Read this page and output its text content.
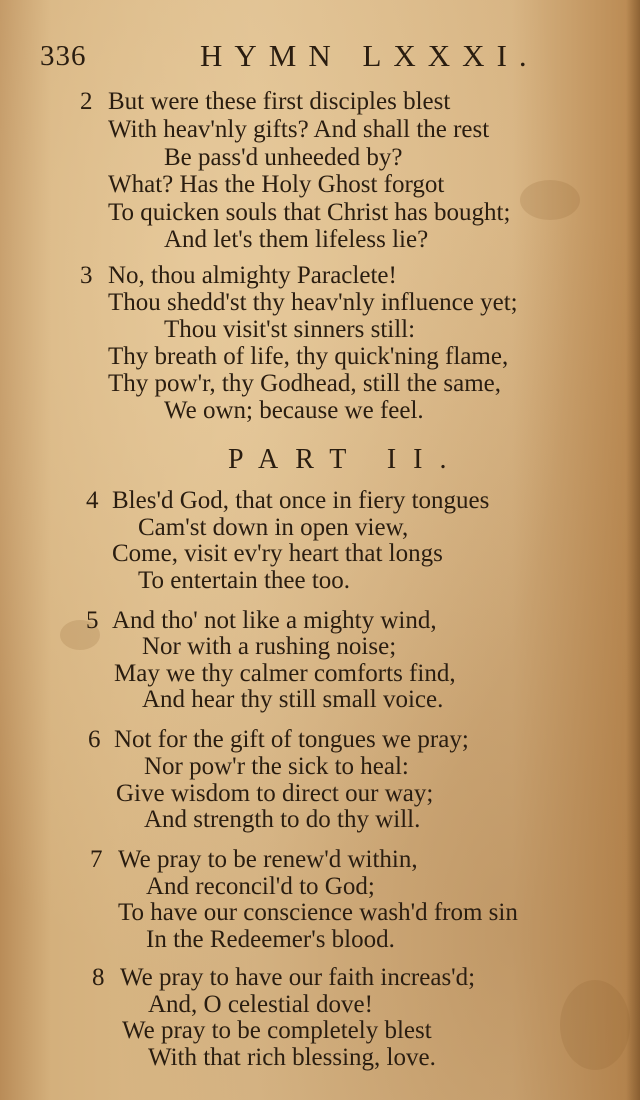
336	HYMN LXXXI.
2 But were these first disciples blest
With heav'nly gifts? And shall the rest
Be pass'd unheeded by?
What? Has the Holy Ghost forgot
To quicken souls that Christ has bought;
And let's them lifeless lie?
3 No, thou almighty Paraclete!
Thou shedd'st thy heav'nly influence yet;
Thou visit'st sinners still:
Thy breath of life, thy quick'ning flame,
Thy pow'r, thy Godhead, still the same,
We own; because we feel.
PART II.
4 Bles'd God, that once in fiery tongues
Cam'st down in open view,
Come, visit ev'ry heart that longs
To entertain thee too.
5 And tho' not like a mighty wind,
Nor with a rushing noise;
May we thy calmer comforts find,
And hear thy still small voice.
6 Not for the gift of tongues we pray;
Nor pow'r the sick to heal:
Give wisdom to direct our way;
And strength to do thy will.
7 We pray to be renew'd within,
And reconcil'd to God;
To have our conscience wash'd from sin
In the Redeemer's blood.
8 We pray to have our faith increas'd;
And, O celestial dove!
We pray to be completely blest
With that rich blessing, love.
